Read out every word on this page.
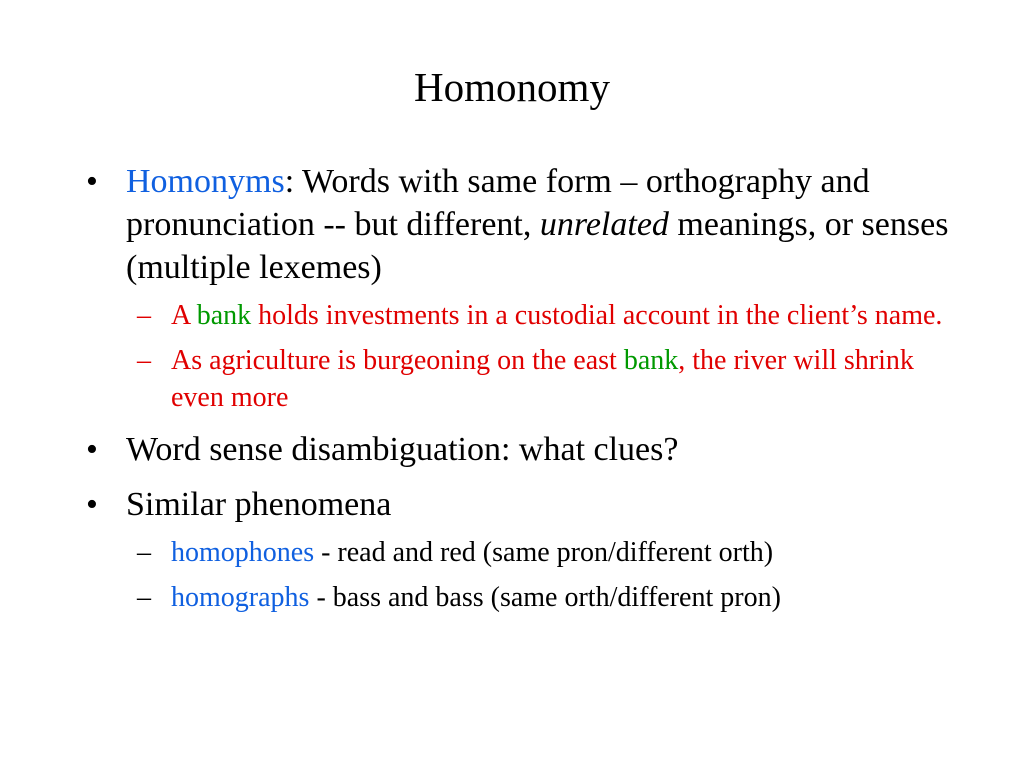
Homonomy
• Homonyms: Words with same form – orthography and pronunciation -- but different, unrelated meanings, or senses (multiple lexemes)
– A bank holds investments in a custodial account in the client’s name.
– As agriculture is burgeoning on the east bank, the river will shrink even more
• Word sense disambiguation: what clues?
• Similar phenomena
– homophones - read and red (same pron/different orth)
– homographs - bass and bass (same orth/different pron)
